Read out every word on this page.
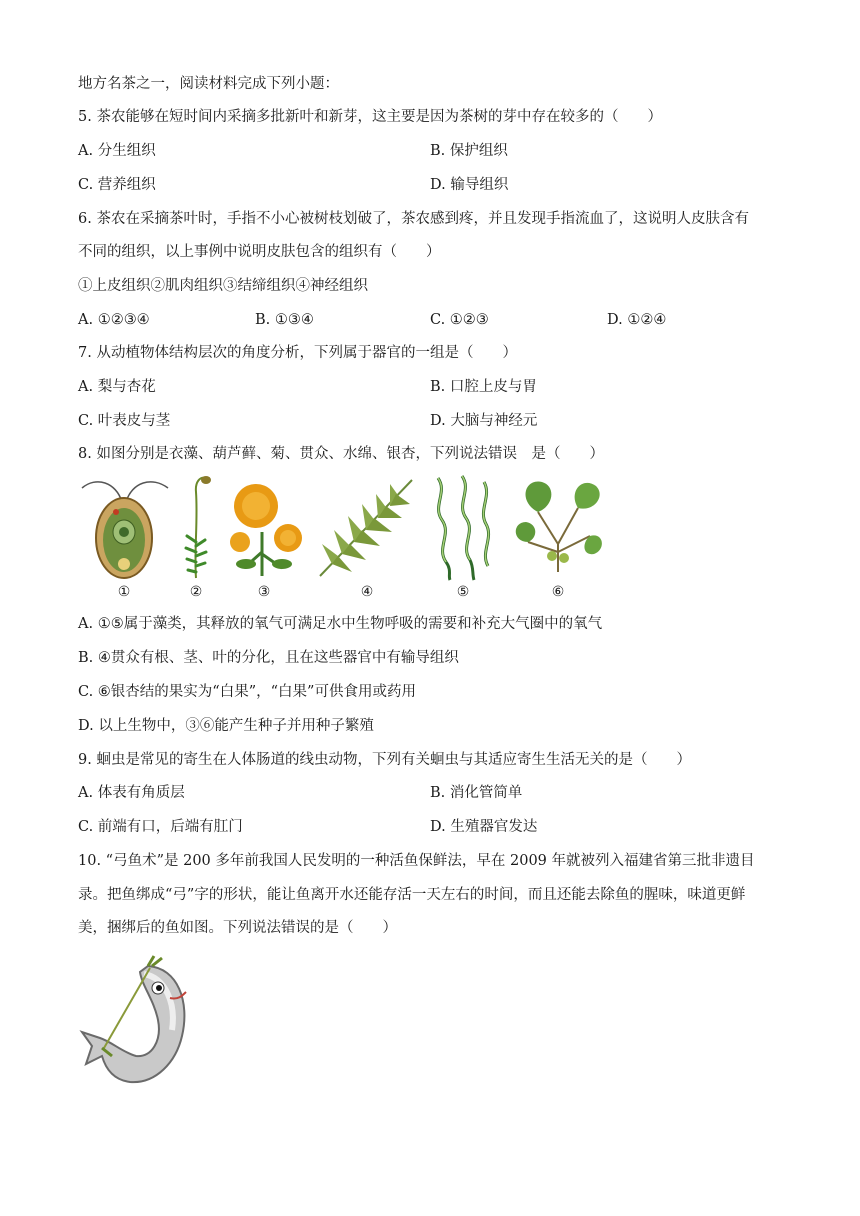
地方名茶之一，阅读材料完成下列小题：
5. 茶农能够在短时间内采摘多批新叶和新芽，这主要是因为茶树的芽中存在较多的（　　）
A. 分生组织	B. 保护组织
C. 营养组织	D. 输导组织
6. 茶农在采摘茶叶时，手指不小心被树枝划破了，茶农感到疼，并且发现手指流血了，这说明人皮肤含有
不同的组织，以上事例中说明皮肤包含的组织有（　　）
①上皮组织②肌肉组织③结缔组织④神经组织
A. ①②③④	B. ①③④	C. ①②③	D. ①②④
7. 从动植物体结构层次的角度分析，下列属于器官的一组是（　　）
A. 梨与杏花	B. 口腔上皮与胃
C. 叶表皮与茎	D. 大脑与神经元
8. 如图分别是衣藻、葫芦藓、菊、贯众、水绵、银杏，下列说法错误　是（　　）
①	②	③	④	⑤	⑥
A. ①⑤属于藻类，其释放的氧气可满足水中生物呼吸的需要和补充大气圈中的氧气
B. ④贯众有根、茎、叶的分化，且在这些器官中有输导组织
C. ⑥银杏结的果实为“白果”，“白果”可供食用或药用
D. 以上生物中，③⑥能产生种子并用种子繁殖
9. 蛔虫是常见的寄生在人体肠道的线虫动物，下列有关蛔虫与其适应寄生生活无关的是（　　）
A. 体表有角质层	B. 消化管简单
C. 前端有口，后端有肛门	D. 生殖器官发达
10. “弓鱼术”是 200 多年前我国人民发明的一种活鱼保鲜法，早在 2009 年就被列入福建省第三批非遗目
录。把鱼绑成“弓”字的形状，能让鱼离开水还能存活一天左右的时间，而且还能去除鱼的腥味，味道更鲜
美，捆绑后的鱼如图。下列说法错误的是（　　）
